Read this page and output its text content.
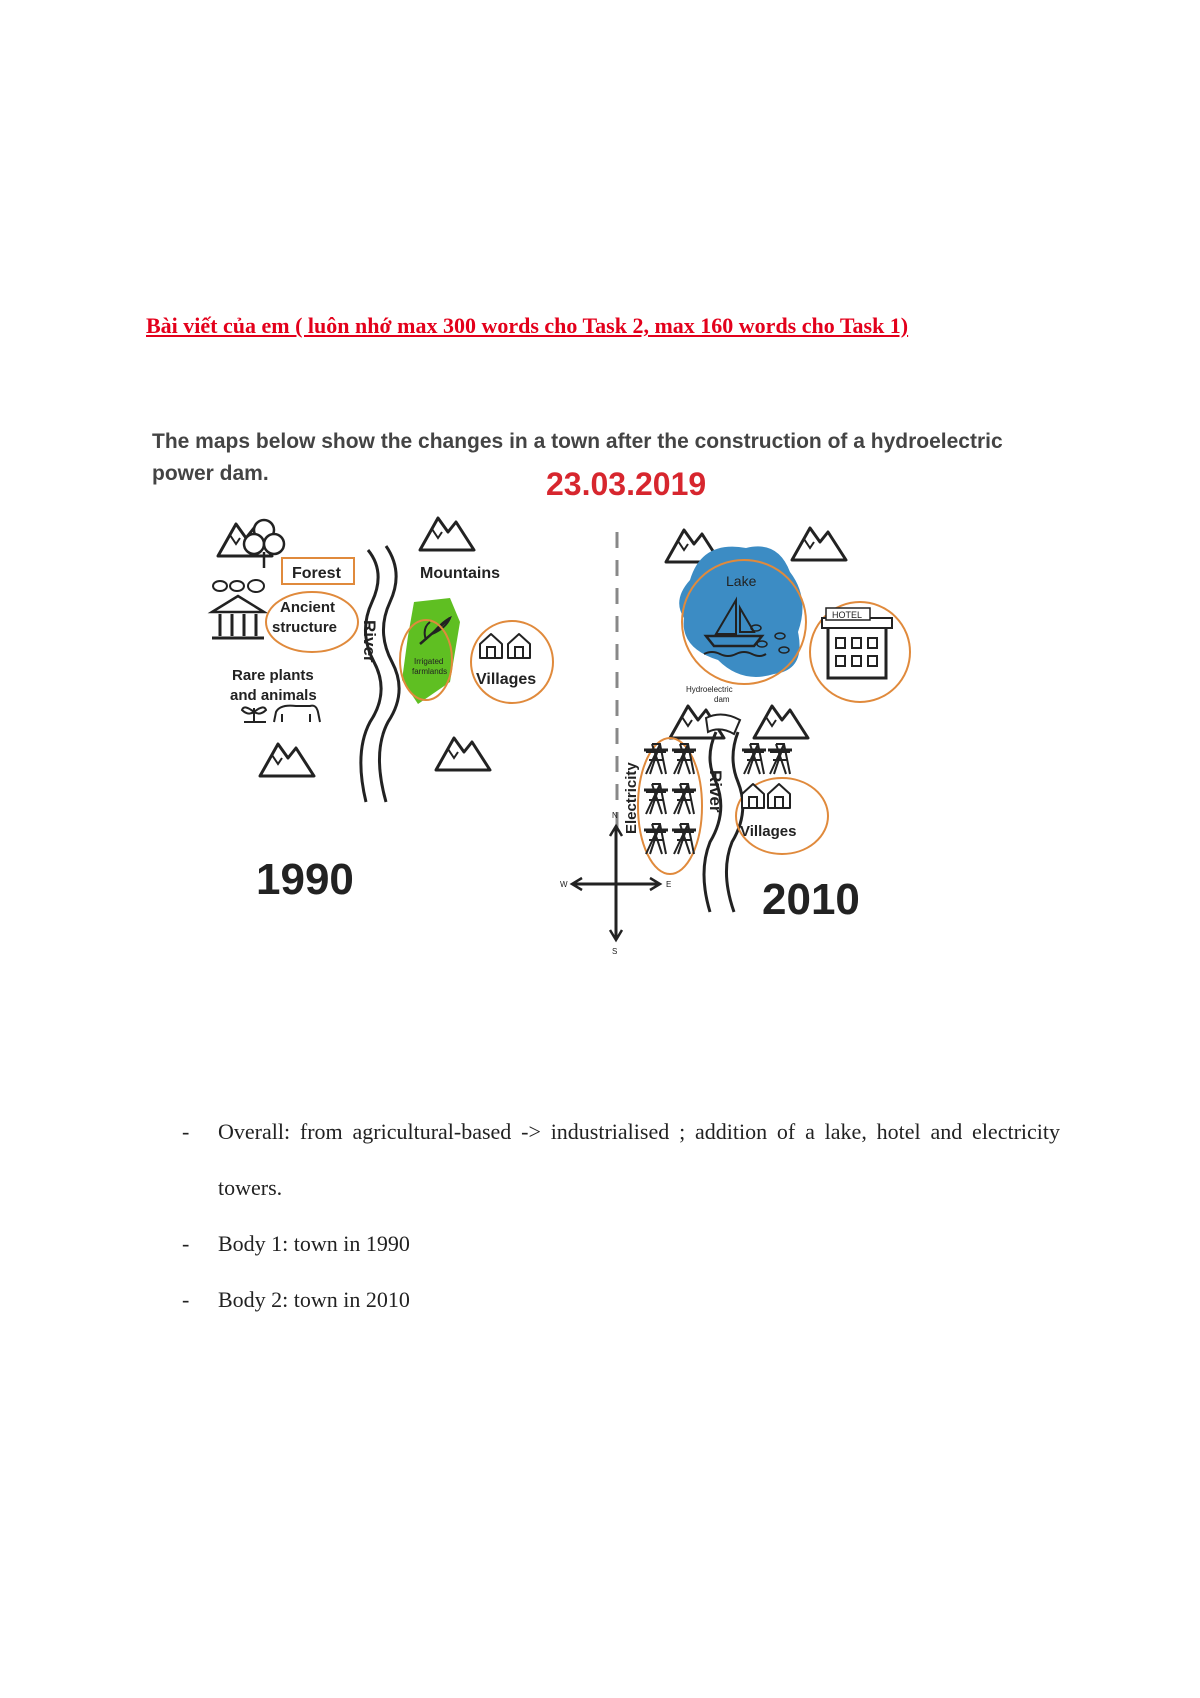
Bài viết của em ( luôn nhớ max 300 words cho Task 2, max 160 words cho Task 1)
The maps below show the changes in a town after the construction of a hydroelectric
power dam.	23.03.2019
Forest	Mountains
Ancient
structure
Rare plants
and animals
River	Irrigated
farmlands Villages
1990
N
S
W	E
Lake
HOTEL
Hydroelectric
dam
River
Electricity	Villages
2010
- Overall: from agricultural-based -> industrialised ; addition of a lake, hotel and electricity towers.
- Body 1: town in 1990
- Body 2: town in 2010
